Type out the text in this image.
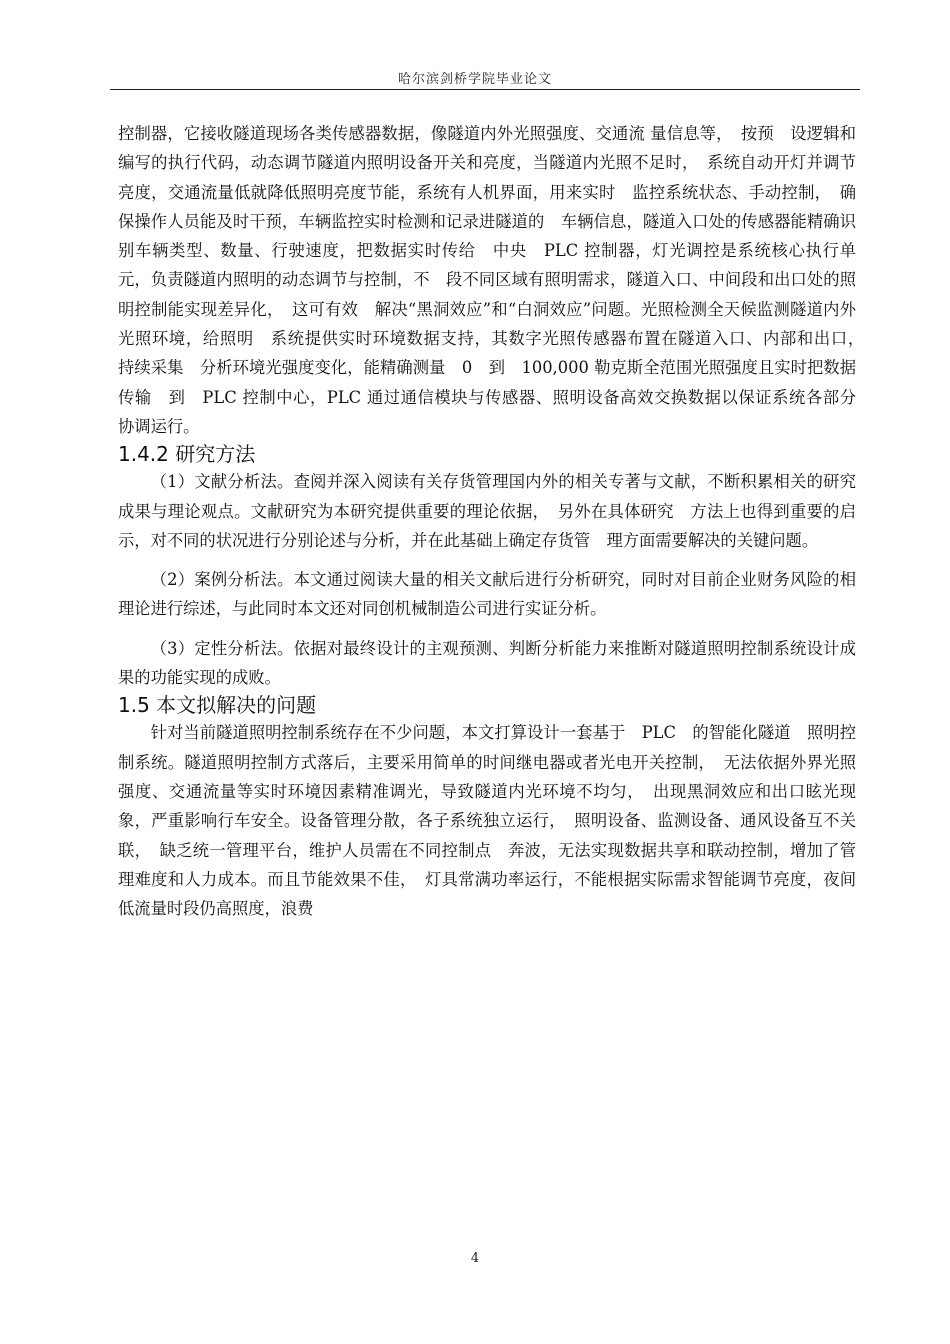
哈尔滨剑桥学院毕业论文

控制器，它接收隧道现场各类传感器数据，像隧道内外光照强度、交通流 量信息等，　按预　设逻辑和编写的执行代码，动态调节隧道内照明设备开关和亮度，当隧道内光照不足时，　系统自动开灯并调节亮度，交通流量低就降低照明亮度节能，系统有人机界面，用来实时　监控系统状态、手动控制，　确保操作人员能及时干预，车辆监控实时检测和记录进隧道的　车辆信息，隧道入口处的传感器能精确识别车辆类型、数量、行驶速度，把数据实时传给　中央　PLC 控制器，灯光调控是系统核心执行单元，负责隧道内照明的动态调节与控制，不　段不同区域有照明需求，隧道入口、中间段和出口处的照明控制能实现差异化，　这可有效　解决“黑洞效应”和“白洞效应”问题。光照检测全天候监测隧道内外光照环境，给照明　系统提供实时环境数据支持，其数字光照传感器布置在隧道入口、内部和出口，　持续采集　分析环境光强度变化，能精确测量　0　到　100,000 勒克斯全范围光照强度且实时把数据传输　到　PLC 控制中心，PLC 通过通信模块与传感器、照明设备高效交换数据以保证系统各部分　协调运行。

1.4.2 研究方法

（1）文献分析法。查阅并深入阅读有关存货管理国内外的相关专著与文献，不断积累相关的研究成果与理论观点。文献研究为本研究提供重要的理论依据，　另外在具体研究　方法上也得到重要的启示，对不同的状况进行分别论述与分析，并在此基础上确定存货管　理方面需要解决的关键问题。

（2）案例分析法。本文通过阅读大量的相关文献后进行分析研究，同时对目前企业财务风险的相理论进行综述，与此同时本文还对同创机械制造公司进行实证分析。

（3）定性分析法。依据对最终设计的主观预测、判断分析能力来推断对隧道照明控制系统设计成果的功能实现的成败。

1.5 本文拟解决的问题

针对当前隧道照明控制系统存在不少问题，本文打算设计一套基于　PLC　的智能化隧道　照明控制系统。隧道照明控制方式落后，主要采用简单的时间继电器或者光电开关控制，　无法依据外界光照强度、交通流量等实时环境因素精准调光，导致隧道内光环境不均匀，　出现黑洞效应和出口眩光现象，严重影响行车安全。设备管理分散，各子系统独立运行，　照明设备、监测设备、通风设备互不关联，　缺乏统一管理平台，维护人员需在不同控制点　奔波，无法实现数据共享和联动控制，增加了管理难度和人力成本。而且节能效果不佳，　灯具常满功率运行，不能根据实际需求智能调节亮度，夜间低流量时段仍高照度，浪费

4
